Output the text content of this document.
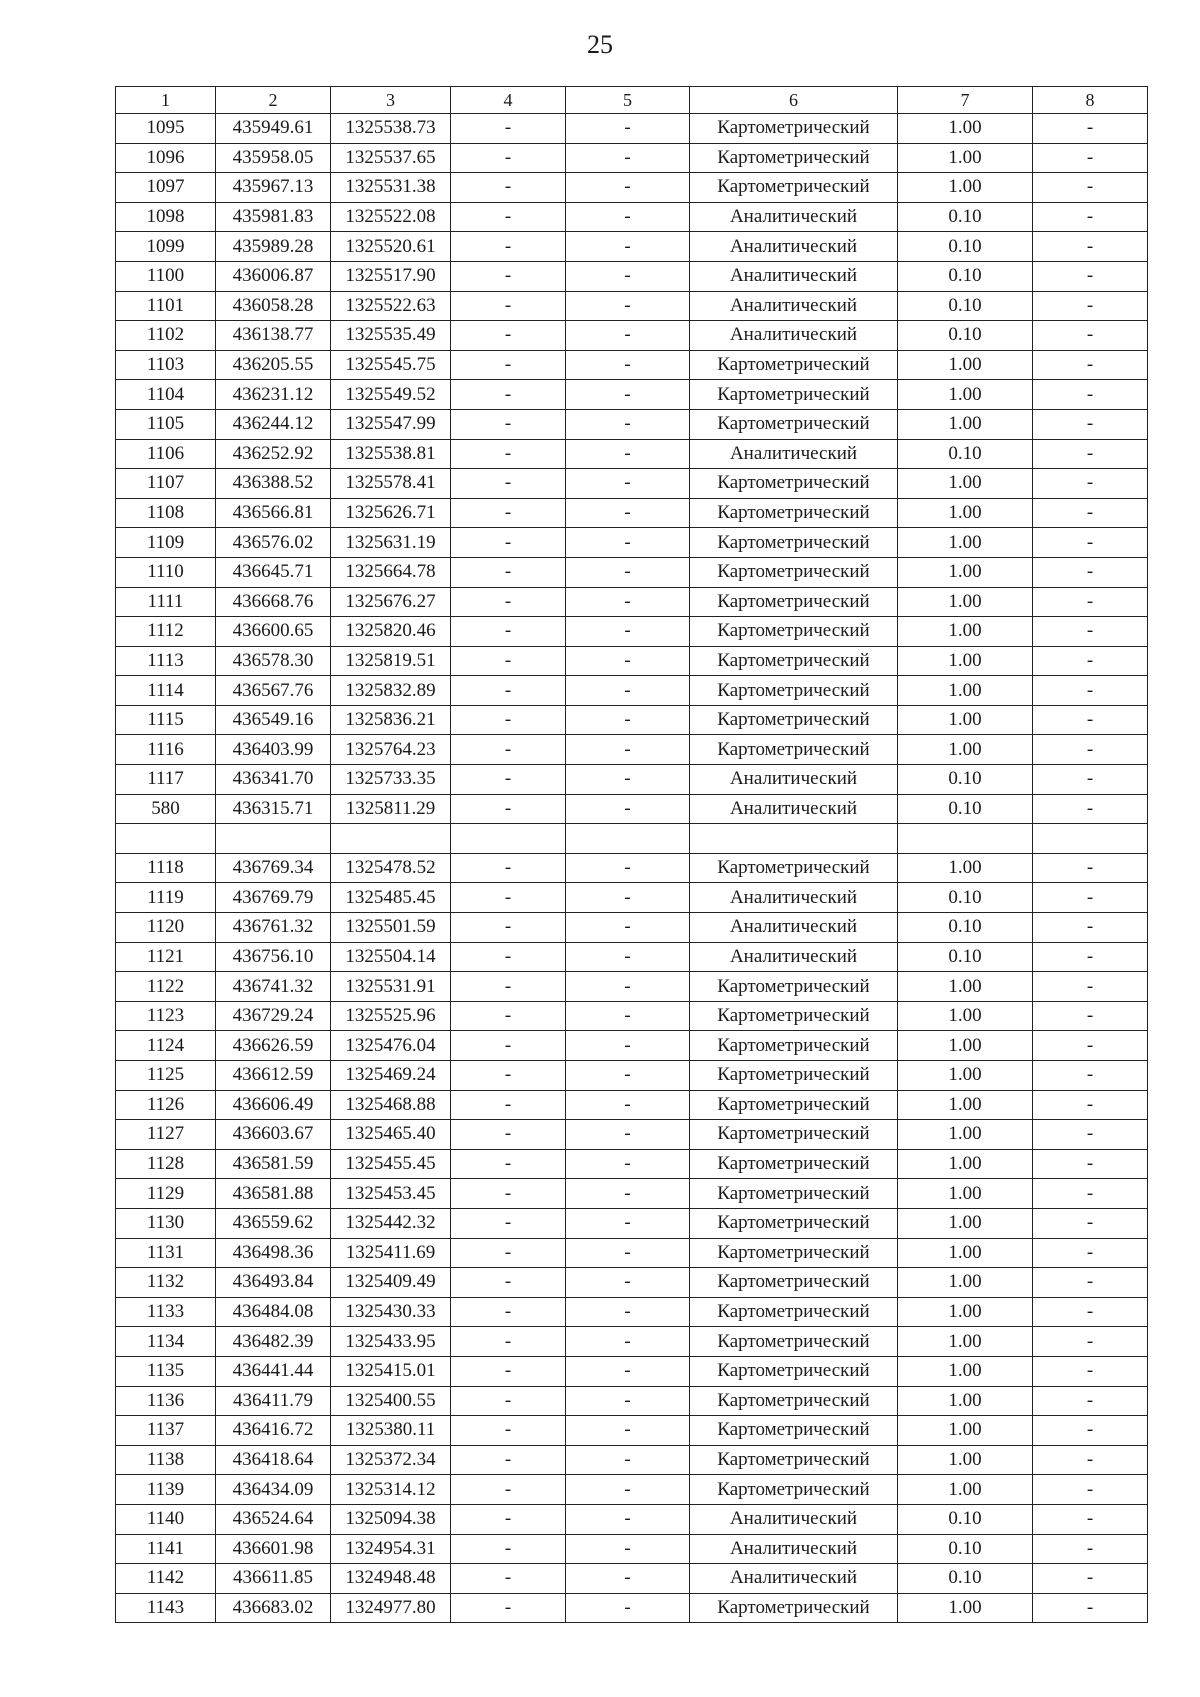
25
1	2	3	4	5	6	7	8
1095	435949.61	1325538.73	-	-	Картометрический	1.00	-
1096	435958.05	1325537.65	-	-	Картометрический	1.00	-
1097	435967.13	1325531.38	-	-	Картометрический	1.00	-
1098	435981.83	1325522.08	-	-	Аналитический	0.10	-
1099	435989.28	1325520.61	-	-	Аналитический	0.10	-
1100	436006.87	1325517.90	-	-	Аналитический	0.10	-
1101	436058.28	1325522.63	-	-	Аналитический	0.10	-
1102	436138.77	1325535.49	-	-	Аналитический	0.10	-
1103	436205.55	1325545.75	-	-	Картометрический	1.00	-
1104	436231.12	1325549.52	-	-	Картометрический	1.00	-
1105	436244.12	1325547.99	-	-	Картометрический	1.00	-
1106	436252.92	1325538.81	-	-	Аналитический	0.10	-
1107	436388.52	1325578.41	-	-	Картометрический	1.00	-
1108	436566.81	1325626.71	-	-	Картометрический	1.00	-
1109	436576.02	1325631.19	-	-	Картометрический	1.00	-
1110	436645.71	1325664.78	-	-	Картометрический	1.00	-
1111	436668.76	1325676.27	-	-	Картометрический	1.00	-
1112	436600.65	1325820.46	-	-	Картометрический	1.00	-
1113	436578.30	1325819.51	-	-	Картометрический	1.00	-
1114	436567.76	1325832.89	-	-	Картометрический	1.00	-
1115	436549.16	1325836.21	-	-	Картометрический	1.00	-
1116	436403.99	1325764.23	-	-	Картометрический	1.00	-
1117	436341.70	1325733.35	-	-	Аналитический	0.10	-
580	436315.71	1325811.29	-	-	Аналитический	0.10	-

1118	436769.34	1325478.52	-	-	Картометрический	1.00	-
1119	436769.79	1325485.45	-	-	Аналитический	0.10	-
1120	436761.32	1325501.59	-	-	Аналитический	0.10	-
1121	436756.10	1325504.14	-	-	Аналитический	0.10	-
1122	436741.32	1325531.91	-	-	Картометрический	1.00	-
1123	436729.24	1325525.96	-	-	Картометрический	1.00	-
1124	436626.59	1325476.04	-	-	Картометрический	1.00	-
1125	436612.59	1325469.24	-	-	Картометрический	1.00	-
1126	436606.49	1325468.88	-	-	Картометрический	1.00	-
1127	436603.67	1325465.40	-	-	Картометрический	1.00	-
1128	436581.59	1325455.45	-	-	Картометрический	1.00	-
1129	436581.88	1325453.45	-	-	Картометрический	1.00	-
1130	436559.62	1325442.32	-	-	Картометрический	1.00	-
1131	436498.36	1325411.69	-	-	Картометрический	1.00	-
1132	436493.84	1325409.49	-	-	Картометрический	1.00	-
1133	436484.08	1325430.33	-	-	Картометрический	1.00	-
1134	436482.39	1325433.95	-	-	Картометрический	1.00	-
1135	436441.44	1325415.01	-	-	Картометрический	1.00	-
1136	436411.79	1325400.55	-	-	Картометрический	1.00	-
1137	436416.72	1325380.11	-	-	Картометрический	1.00	-
1138	436418.64	1325372.34	-	-	Картометрический	1.00	-
1139	436434.09	1325314.12	-	-	Картометрический	1.00	-
1140	436524.64	1325094.38	-	-	Аналитический	0.10	-
1141	436601.98	1324954.31	-	-	Аналитический	0.10	-
1142	436611.85	1324948.48	-	-	Аналитический	0.10	-
1143	436683.02	1324977.80	-	-	Картометрический	1.00	-
